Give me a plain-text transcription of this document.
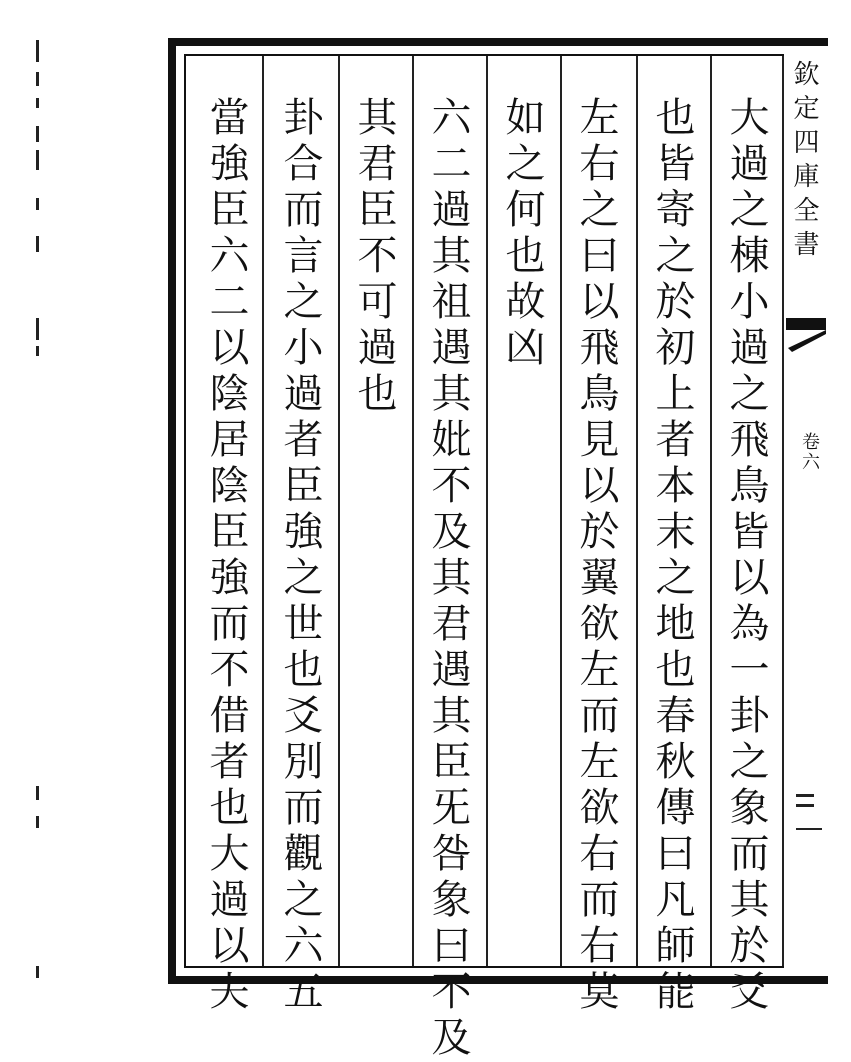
大過之棟小過之飛鳥皆以為一卦之象而其於爻
也皆寄之於初上者本末之地也春秋傳曰凡師能
左右之曰以飛鳥見以於翼欲左而左欲右而右莫
如之何也故凶
六二過其祖遇其妣不及其君遇其臣旡咎象曰不及
其君臣不可過也
卦合而言之小過者臣強之世也爻別而觀之六五
當強臣六二以陰居陰臣強而不借者也大過以夫	欽定四庫全書
卷六
